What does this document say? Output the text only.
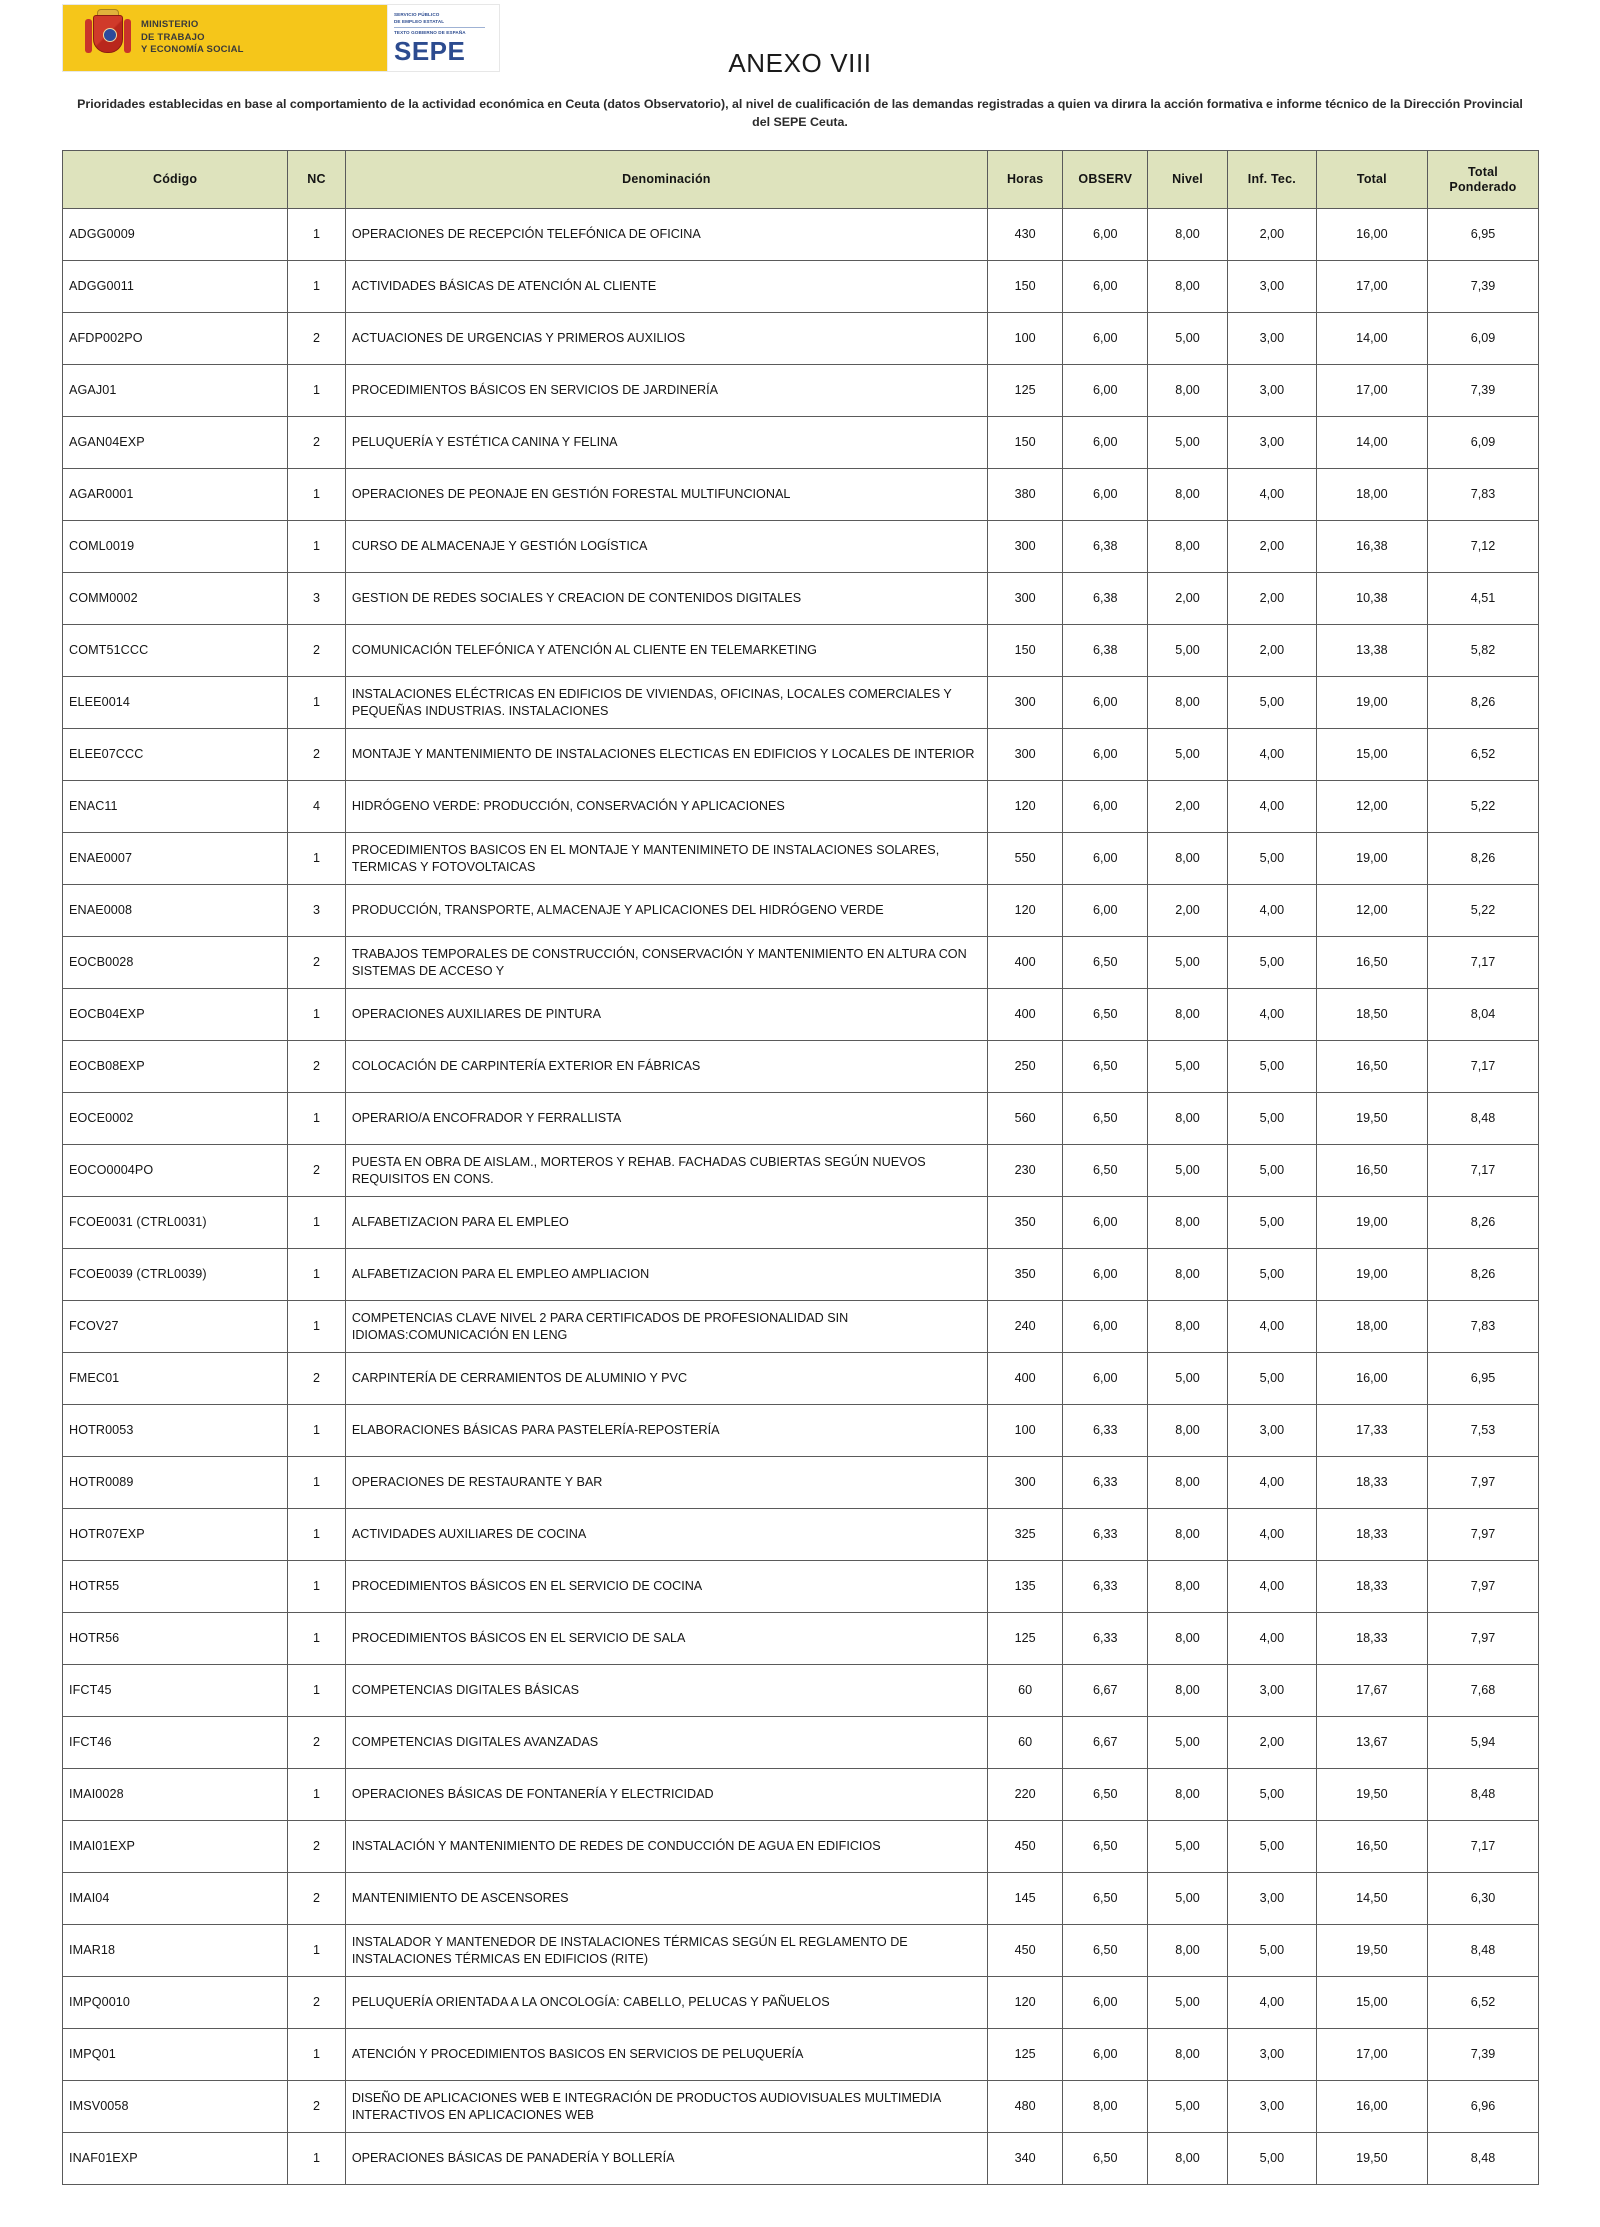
MINISTERIO
DE TRABAJO
Y ECONOMÍA SOCIAL
SERVICIO PÚBLICO
DE EMPLEO ESTATAL
TEXTO GOBIERNO DE ESPAÑA
SEPE	ANEXO VIII
Prioridades establecidas en base al comportamiento de la actividad económica en Ceuta (datos Observatorio), al nivel de cualificación de las demandas registradas a quien va dirига la acción formativa e informe técnico de la Dirección Provincial del SEPE Ceuta.
Código	NC	Denominación	Horas	OBSERV	Nivel	Inf. Tec.	Total	Total Ponderado
ADGG0009	1	OPERACIONES DE RECEPCIÓN TELEFÓNICA DE OFICINA	430	6,00	8,00	2,00	16,00	6,95
ADGG0011	1	ACTIVIDADES BÁSICAS DE ATENCIÓN AL CLIENTE	150	6,00	8,00	3,00	17,00	7,39
AFDP002PO	2	ACTUACIONES DE URGENCIAS Y PRIMEROS AUXILIOS	100	6,00	5,00	3,00	14,00	6,09
AGAJ01	1	PROCEDIMIENTOS BÁSICOS EN SERVICIOS DE JARDINERÍA	125	6,00	8,00	3,00	17,00	7,39
AGAN04EXP	2	PELUQUERÍA Y ESTÉTICA CANINA Y FELINA	150	6,00	5,00	3,00	14,00	6,09
AGAR0001	1	OPERACIONES DE PEONAJE EN GESTIÓN FORESTAL MULTIFUNCIONAL	380	6,00	8,00	4,00	18,00	7,83
COML0019	1	CURSO DE ALMACENAJE Y GESTIÓN LOGÍSTICA	300	6,38	8,00	2,00	16,38	7,12
COMM0002	3	GESTION DE REDES SOCIALES Y CREACION DE CONTENIDOS DIGITALES	300	6,38	2,00	2,00	10,38	4,51
COMT51CCC	2	COMUNICACIÓN TELEFÓNICA Y ATENCIÓN AL CLIENTE EN TELEMARKETING	150	6,38	5,00	2,00	13,38	5,82
ELEE0014	1	INSTALACIONES ELÉCTRICAS EN EDIFICIOS DE VIVIENDAS, OFICINAS, LOCALES COMERCIALES Y PEQUEÑAS INDUSTRIAS. INSTALACIONES	300	6,00	8,00	5,00	19,00	8,26
ELEE07CCC	2	MONTAJE Y MANTENIMIENTO DE INSTALACIONES ELECTICAS EN EDIFICIOS Y LOCALES DE INTERIOR	300	6,00	5,00	4,00	15,00	6,52
ENAC11	4	HIDRÓGENO VERDE: PRODUCCIÓN, CONSERVACIÓN Y APLICACIONES	120	6,00	2,00	4,00	12,00	5,22
ENAE0007	1	PROCEDIMIENTOS BASICOS EN EL MONTAJE Y MANTENIMINETO DE INSTALACIONES SOLARES, TERMICAS Y FOTOVOLTAICAS	550	6,00	8,00	5,00	19,00	8,26
ENAE0008	3	PRODUCCIÓN, TRANSPORTE, ALMACENAJE Y APLICACIONES DEL HIDRÓGENO VERDE	120	6,00	2,00	4,00	12,00	5,22
EOCB0028	2	TRABAJOS TEMPORALES DE CONSTRUCCIÓN, CONSERVACIÓN Y MANTENIMIENTO EN ALTURA CON SISTEMAS DE ACCESO Y	400	6,50	5,00	5,00	16,50	7,17
EOCB04EXP	1	OPERACIONES AUXILIARES DE PINTURA	400	6,50	8,00	4,00	18,50	8,04
EOCB08EXP	2	COLOCACIÓN DE CARPINTERÍA EXTERIOR EN FÁBRICAS	250	6,50	5,00	5,00	16,50	7,17
EOCE0002	1	OPERARIO/A ENCOFRADOR Y FERRALLISTA	560	6,50	8,00	5,00	19,50	8,48
EOCO0004PO	2	PUESTA EN OBRA DE AISLAM., MORTEROS Y REHAB. FACHADAS CUBIERTAS SEGÚN NUEVOS REQUISITOS EN CONS.	230	6,50	5,00	5,00	16,50	7,17
FCOE0031 (CTRL0031)	1	ALFABETIZACION PARA EL EMPLEO	350	6,00	8,00	5,00	19,00	8,26
FCOE0039 (CTRL0039)	1	ALFABETIZACION PARA EL EMPLEO AMPLIACION	350	6,00	8,00	5,00	19,00	8,26
FCOV27	1	COMPETENCIAS CLAVE NIVEL 2 PARA CERTIFICADOS DE PROFESIONALIDAD SIN IDIOMAS:COMUNICACIÓN EN LENG	240	6,00	8,00	4,00	18,00	7,83
FMEC01	2	CARPINTERÍA DE CERRAMIENTOS DE ALUMINIO Y PVC	400	6,00	5,00	5,00	16,00	6,95
HOTR0053	1	ELABORACIONES BÁSICAS PARA PASTELERÍA-REPOSTERÍA	100	6,33	8,00	3,00	17,33	7,53
HOTR0089	1	OPERACIONES DE RESTAURANTE Y BAR	300	6,33	8,00	4,00	18,33	7,97
HOTR07EXP	1	ACTIVIDADES AUXILIARES DE COCINA	325	6,33	8,00	4,00	18,33	7,97
HOTR55	1	PROCEDIMIENTOS BÁSICOS EN EL SERVICIO DE COCINA	135	6,33	8,00	4,00	18,33	7,97
HOTR56	1	PROCEDIMIENTOS BÁSICOS EN EL SERVICIO DE SALA	125	6,33	8,00	4,00	18,33	7,97
IFCT45	1	COMPETENCIAS DIGITALES BÁSICAS	60	6,67	8,00	3,00	17,67	7,68
IFCT46	2	COMPETENCIAS DIGITALES AVANZADAS	60	6,67	5,00	2,00	13,67	5,94
IMAI0028	1	OPERACIONES BÁSICAS DE FONTANERÍA Y ELECTRICIDAD	220	6,50	8,00	5,00	19,50	8,48
IMAI01EXP	2	INSTALACIÓN Y MANTENIMIENTO DE REDES DE CONDUCCIÓN DE AGUA EN EDIFICIOS	450	6,50	5,00	5,00	16,50	7,17
IMAI04	2	MANTENIMIENTO DE ASCENSORES	145	6,50	5,00	3,00	14,50	6,30
IMAR18	1	INSTALADOR Y MANTENEDOR DE INSTALACIONES TÉRMICAS SEGÚN EL REGLAMENTO DE INSTALACIONES TÉRMICAS EN EDIFICIOS (RITE)	450	6,50	8,00	5,00	19,50	8,48
IMPQ0010	2	PELUQUERÍA ORIENTADA A LA ONCOLOGÍA: CABELLO, PELUCAS Y PAÑUELOS	120	6,00	5,00	4,00	15,00	6,52
IMPQ01	1	ATENCIÓN Y PROCEDIMIENTOS BASICOS EN SERVICIOS DE PELUQUERÍA	125	6,00	8,00	3,00	17,00	7,39
IMSV0058	2	DISEÑO DE APLICACIONES WEB E INTEGRACIÓN DE PRODUCTOS AUDIOVISUALES MULTIMEDIA INTERACTIVOS EN APLICACIONES WEB	480	8,00	5,00	3,00	16,00	6,96
INAF01EXP	1	OPERACIONES BÁSICAS DE PANADERÍA Y BOLLERÍA	340	6,50	8,00	5,00	19,50	8,48
